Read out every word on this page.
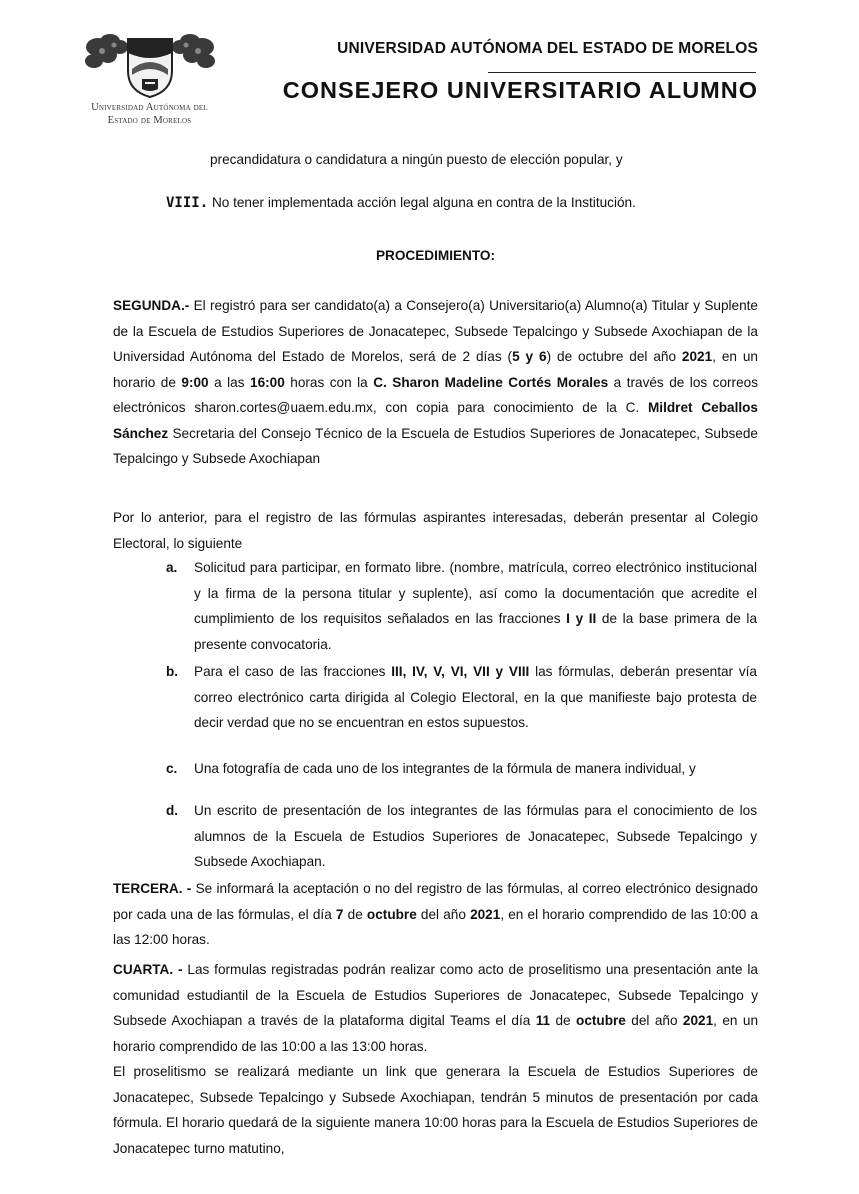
Universidad Autónoma del
Estado de Morelos
UNIVERSIDAD AUTÓNOMA DEL ESTADO DE MORELOS
CONSEJERO UNIVERSITARIO ALUMNO
precandidatura o candidatura a ningún puesto de elección popular, y
VIII. No tener implementada acción legal alguna en contra de la Institución.
PROCEDIMIENTO:
SEGUNDA.- El registró para ser candidato(a) a Consejero(a) Universitario(a) Alumno(a) Titular y Suplente de la Escuela de Estudios Superiores de Jonacatepec, Subsede Tepalcingo y Subsede Axochiapan de la Universidad Autónoma del Estado de Morelos, será de 2 días (5 y 6) de octubre del año 2021, en un horario de 9:00 a las 16:00 horas con la C. Sharon Madeline Cortés Morales a través de los correos electrónicos sharon.cortes@uaem.edu.mx, con copia para conocimiento de la C. Mildret Ceballos Sánchez Secretaria del Consejo Técnico de la Escuela de Estudios Superiores de Jonacatepec, Subsede Tepalcingo y Subsede Axochiapan
Por lo anterior, para el registro de las fórmulas aspirantes interesadas, deberán presentar al Colegio Electoral, lo siguiente
a. Solicitud para participar, en formato libre. (nombre, matrícula, correo electrónico institucional y la firma de la persona titular y suplente), así como la documentación que acredite el cumplimiento de los requisitos señalados en las fracciones I y II de la base primera de la presente convocatoria.
b. Para el caso de las fracciones III, IV, V, VI, VII y VIII las fórmulas, deberán presentar vía correo electrónico carta dirigida al Colegio Electoral, en la que manifieste bajo protesta de decir verdad que no se encuentran en estos supuestos.
c. Una fotografía de cada uno de los integrantes de la fórmula de manera individual, y
d. Un escrito de presentación de los integrantes de las fórmulas para el conocimiento de los alumnos de la Escuela de Estudios Superiores de Jonacatepec, Subsede Tepalcingo y Subsede Axochiapan.
TERCERA. - Se informará la aceptación o no del registro de las fórmulas, al correo electrónico designado por cada una de las fórmulas, el día 7 de octubre del año 2021, en el horario comprendido de las 10:00 a las 12:00 horas.
CUARTA. - Las formulas registradas podrán realizar como acto de proselitismo una presentación ante la comunidad estudiantil de la Escuela de Estudios Superiores de Jonacatepec, Subsede Tepalcingo y Subsede Axochiapan a través de la plataforma digital Teams el día 11 de octubre del año 2021, en un horario comprendido de las 10:00 a las 13:00 horas.
El proselitismo se realizará mediante un link que generara la Escuela de Estudios Superiores de Jonacatepec, Subsede Tepalcingo y Subsede Axochiapan, tendrán 5 minutos de presentación por cada fórmula. El horario quedará de la siguiente manera 10:00 horas para la Escuela de Estudios Superiores de Jonacatepec turno matutino,
